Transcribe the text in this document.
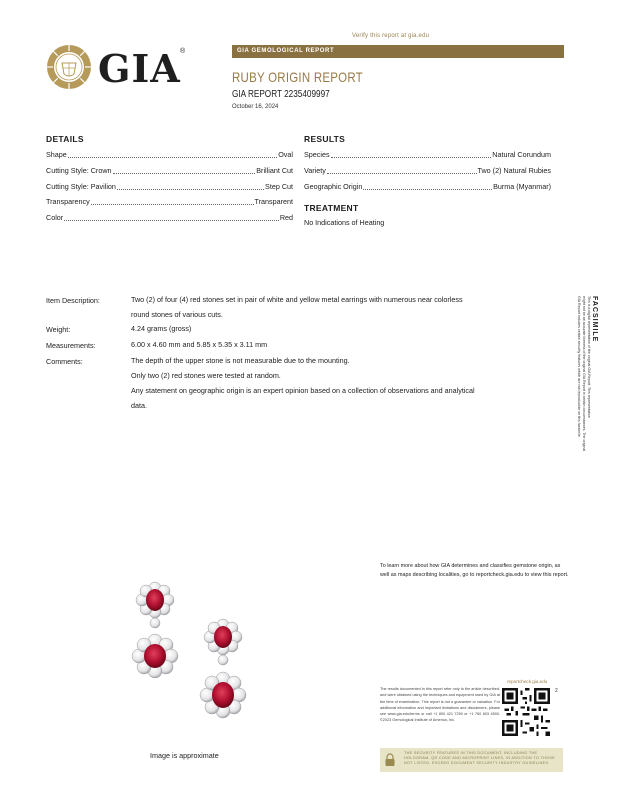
Verify this report at gia.edu
GIA ®	GIA GEMOLOGICAL REPORT
RUBY ORIGIN REPORT
GIA REPORT 2235409997
October 16, 2024
DETAILS
Shape	Oval
Cutting Style: Crown	Brilliant Cut
Cutting Style: Pavilion	Step Cut
Transparency	Transparent
Color	Red
RESULTS
Species	Natural Corundum
Variety	Two (2) Natural Rubies
Geographic Origin	Burma (Myanmar)
TREATMENT
No Indications of Heating
Item Description:	Two (2) of four (4) red stones set in pair of white and yellow metal earrings with numerous near colorless
round stones of various cuts.
Weight:	4.24 grams (gross)
Measurements:	6.00 x 4.60 mm and 5.85 x 5.35 x 3.11 mm
Comments:	The depth of the upper stone is not measurable due to the mounting.
Only two (2) red stones were tested at random.
Any statement on geographic origin is an expert opinion based on a collection of observations and analytical
data.
FACSIMILE
This is a digital representation of the original GIA Report. This representation
might not be an accurate likeness of the original GIA Report in certain circumstances. The original
GIA Report includes certain security features which are not reproducible on this facsimile.
Image is approximate
To learn more about how GIA determines and classifies gemstone origin, as well as maps describing localities, go to reportcheck.gia.edu to view this report.
The results documented in this report refer only to the article described, and were obtained using the techniques and equipment used by GIA at the time of examination. This report is not a guarantee or valuation. For additional information and important limitations and disclaimers, please see www.gia.edu/terms or call +1 800 421 7250 or +1 760 603 4500. ©2023 Gemological Institute of America, Inc.
reportcheck.gia.edu
2
THE SECURITY FEATURES IN THIS DOCUMENT, INCLUDING THE HOLOGRAM, QR CODE AND MICROPRINT LINES, IN ADDITION TO THOSE NOT LISTED, EXCEED DOCUMENT SECURITY INDUSTRY GUIDELINES.
